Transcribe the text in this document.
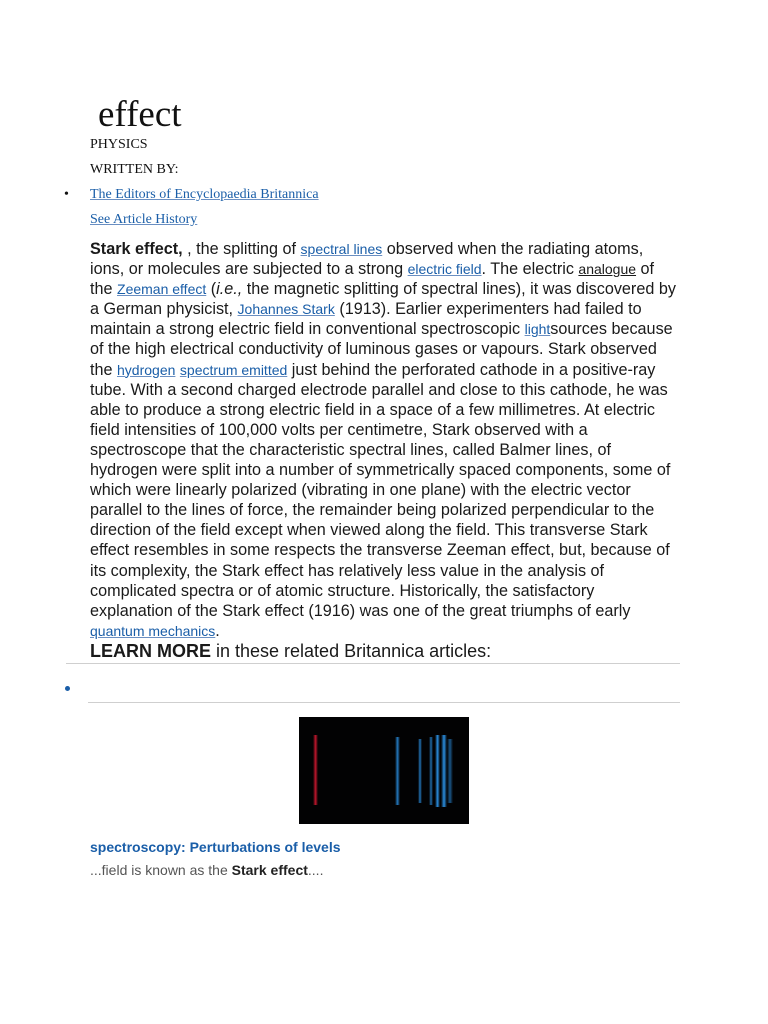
effect
PHYSICS
WRITTEN BY:
• The Editors of Encyclopaedia Britannica
See Article History

Stark effect, , the splitting of spectral lines observed when the radiating atoms, ions, or molecules are subjected to a strong electric field. The electric analogue of the Zeeman effect (i.e., the magnetic splitting of spectral lines), it was discovered by a German physicist, Johannes Stark (1913). Earlier experimenters had failed to maintain a strong electric field in conventional spectroscopic lightsources because of the high electrical conductivity of luminous gases or vapours. Stark observed the hydrogen spectrum emitted just behind the perforated cathode in a positive-ray tube. With a second charged electrode parallel and close to this cathode, he was able to produce a strong electric field in a space of a few millimetres. At electric field intensities of 100,000 volts per centimetre, Stark observed with a spectroscope that the characteristic spectral lines, called Balmer lines, of hydrogen were split into a number of symmetrically spaced components, some of which were linearly polarized (vibrating in one plane) with the electric vector parallel to the lines of force, the remainder being polarized perpendicular to the direction of the field except when viewed along the field. This transverse Stark effect resembles in some respects the transverse Zeeman effect, but, because of its complexity, the Stark effect has relatively less value in the analysis of complicated spectra or of atomic structure. Historically, the satisfactory explanation of the Stark effect (1916) was one of the great triumphs of early quantum mechanics.

LEARN MORE in these related Britannica articles:
spectroscopy: Perturbations of levels
...field is known as the Stark effect....
